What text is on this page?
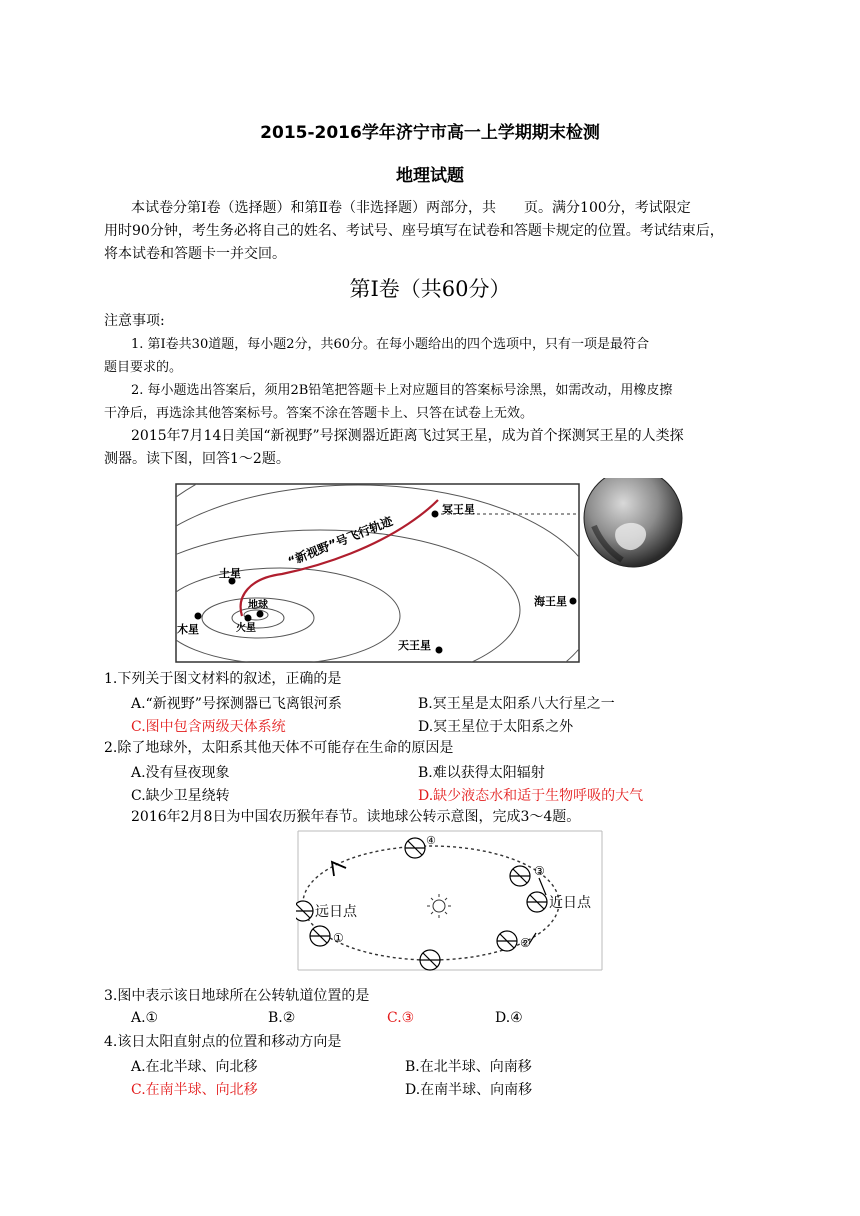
2015-2016学年济宁市高一上学期期末检测
地理试题
本试卷分第Ⅰ卷（选择题）和第Ⅱ卷（非选择题）两部分，共　　页。满分100分，考试限定
用时90分钟，考生务必将自己的姓名、考试号、座号填写在试卷和答题卡规定的位置。考试结束后，
将本试卷和答题卡一并交回。
第Ⅰ卷（共60分）
注意事项:
1. 第Ⅰ卷共30道题，每小题2分，共60分。在每小题给出的四个选项中，只有一项是最符合
题目要求的。
2. 每小题选出答案后，须用2B铅笔把答题卡上对应题目的答案标号涂黑，如需改动，用橡皮擦
干净后，再选涂其他答案标号。答案不涂在答题卡上、只答在试卷上无效。
2015年7月14日美国“新视野”号探测器近距离飞过冥王星，成为首个探测冥王星的人类探
测器。读下图，回答1～2题。
冥王星
土星
地球
火星
木星
海王星
天王星
“新视野”号飞行轨迹
1.下列关于图文材料的叙述，正确的是
A.“新视野”号探测器已飞离银河系	B.冥王星是太阳系八大行星之一
C.图中包含两级天体系统	D.冥王星位于太阳系之外
2.除了地球外，太阳系其他天体不可能存在生命的原因是
A.没有昼夜现象	B.难以获得太阳辐射
C.缺少卫星绕转	D.缺少液态水和适于生物呼吸的大气
2016年2月8日为中国农历猴年春节。读地球公转示意图，完成3～4题。
远日点
近日点
①	②
③
④
3.图中表示该日地球所在公转轨道位置的是
A.①	B.②	C.③	D.④
4.该日太阳直射点的位置和移动方向是
A.在北半球、向北移	B.在北半球、向南移
C.在南半球、向北移	D.在南半球、向南移
